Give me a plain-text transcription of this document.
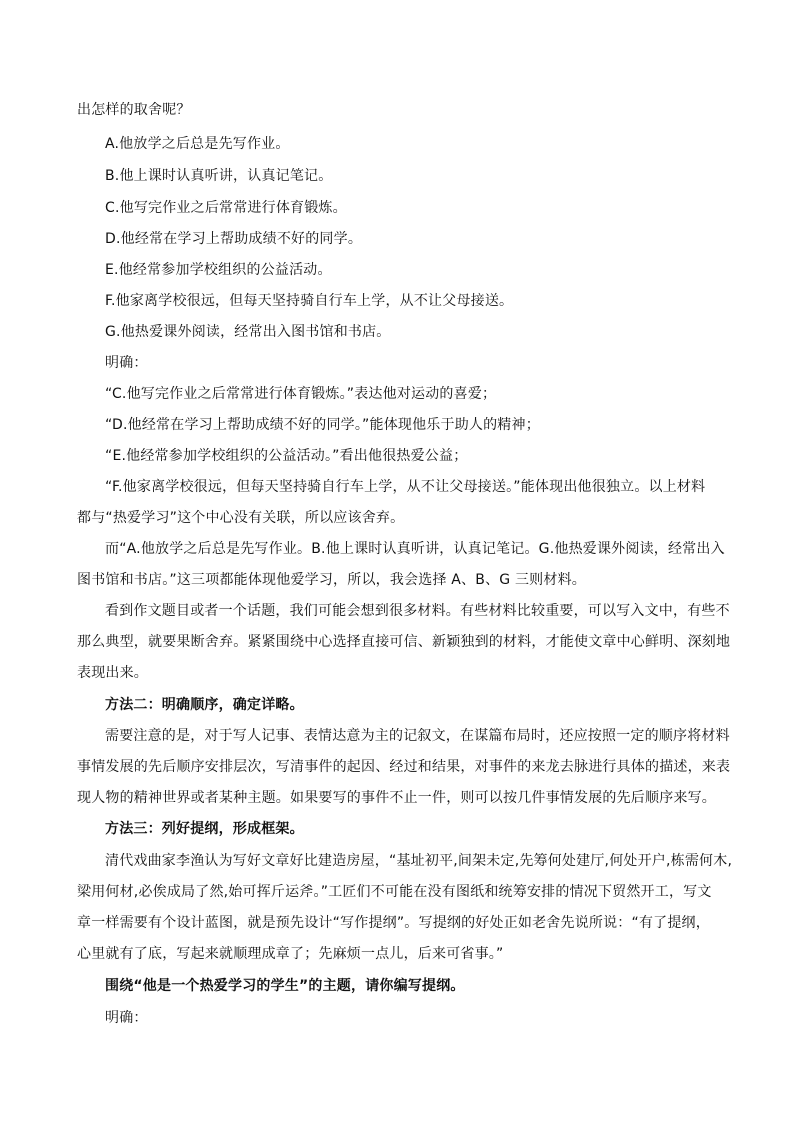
出怎样的取舍呢？
A.他放学之后总是先写作业。
B.他上课时认真听讲，认真记笔记。
C.他写完作业之后常常进行体育锻炼。
D.他经常在学习上帮助成绩不好的同学。
E.他经常参加学校组织的公益活动。
F.他家离学校很远，但每天坚持骑自行车上学，从不让父母接送。
G.他热爱课外阅读，经常出入图书馆和书店。
明确：
“C.他写完作业之后常常进行体育锻炼。”表达他对运动的喜爱；
“D.他经常在学习上帮助成绩不好的同学。”能体现他乐于助人的精神；
“E.他经常参加学校组织的公益活动。”看出他很热爱公益；
“F.他家离学校很远，但每天坚持骑自行车上学，从不让父母接送。”能体现出他很独立。以上材料
都与“热爱学习”这个中心没有关联，所以应该舍弃。
而“A.他放学之后总是先写作业。B.他上课时认真听讲，认真记笔记。G.他热爱课外阅读，经常出入
图书馆和书店。”这三项都能体现他爱学习，所以，我会选择 A、B、G 三则材料。
看到作文题目或者一个话题，我们可能会想到很多材料。有些材料比较重要，可以写入文中，有些不
那么典型，就要果断舍弃。紧紧围绕中心选择直接可信、新颖独到的材料，才能使文章中心鲜明、深刻地
表现出来。
方法二：明确顺序，确定详略。
需要注意的是，对于写人记事、表情达意为主的记叙文，在谋篇布局时，还应按照一定的顺序将材料
事情发展的先后顺序安排层次，写清事件的起因、经过和结果，对事件的来龙去脉进行具体的描述，来表
现人物的精神世界或者某种主题。如果要写的事件不止一件，则可以按几件事情发展的先后顺序来写。
方法三：列好提纲，形成框架。
清代戏曲家李渔认为写好文章好比建造房屋，“基址初平,间架未定,先筹何处建厅,何处开户,栋需何木,
梁用何材,必俟成局了然,始可挥斤运斧。”工匠们不可能在没有图纸和统筹安排的情况下贸然开工，写文
章一样需要有个设计蓝图，就是预先设计“写作提纲”。写提纲的好处正如老舍先说所说：“有了提纲，
心里就有了底，写起来就顺理成章了；先麻烦一点儿，后来可省事。”
围绕“他是一个热爱学习的学生”的主题，请你编写提纲。
明确：
